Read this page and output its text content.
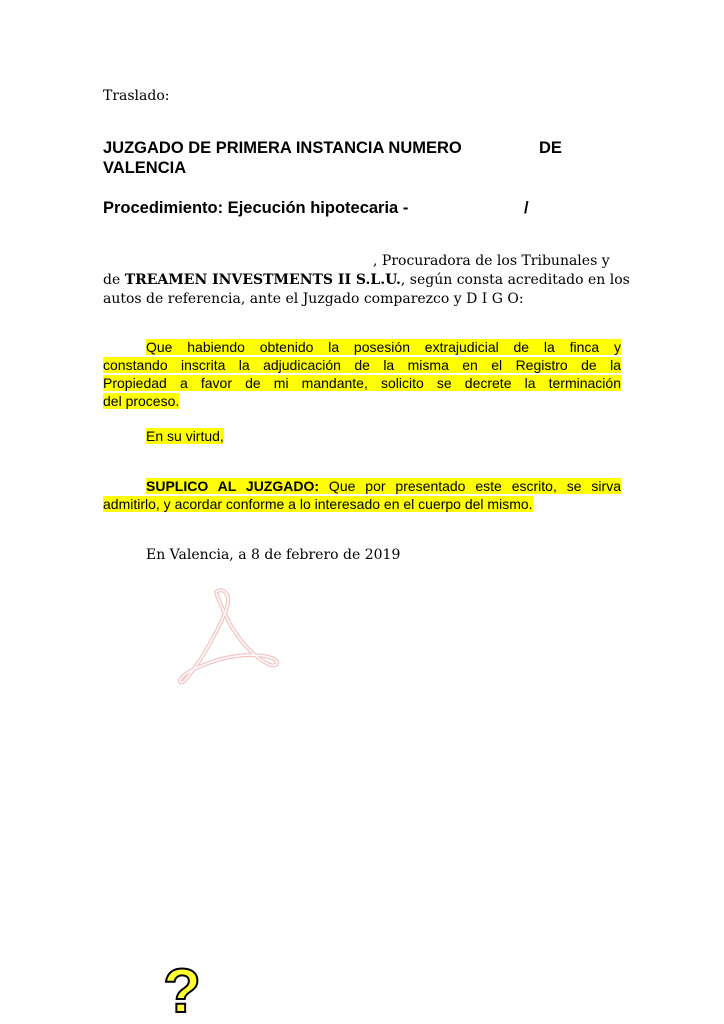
Traslado:
JUZGADO DE PRIMERA INSTANCIA NUMERO	DE
VALENCIA
Procedimiento: Ejecución hipotecaria -	/
, Procuradora de los Tribunales y
de TREAMEN INVESTMENTS II S.L.U., según consta acreditado en los
autos de referencia, ante el Juzgado comparezco y D I G O:
Que habiendo obtenido la posesión extrajudicial de la finca y
constando inscrita la adjudicación de la misma en el Registro de la
Propiedad a favor de mi mandante, solicito se decrete la terminación
del proceso.
En su virtud,
SUPLICO AL JUZGADO: Que por presentado este escrito, se sirva
admitirlo, y acordar conforme a lo interesado en el cuerpo del mismo.
En Valencia, a 8 de febrero de 2019
?
